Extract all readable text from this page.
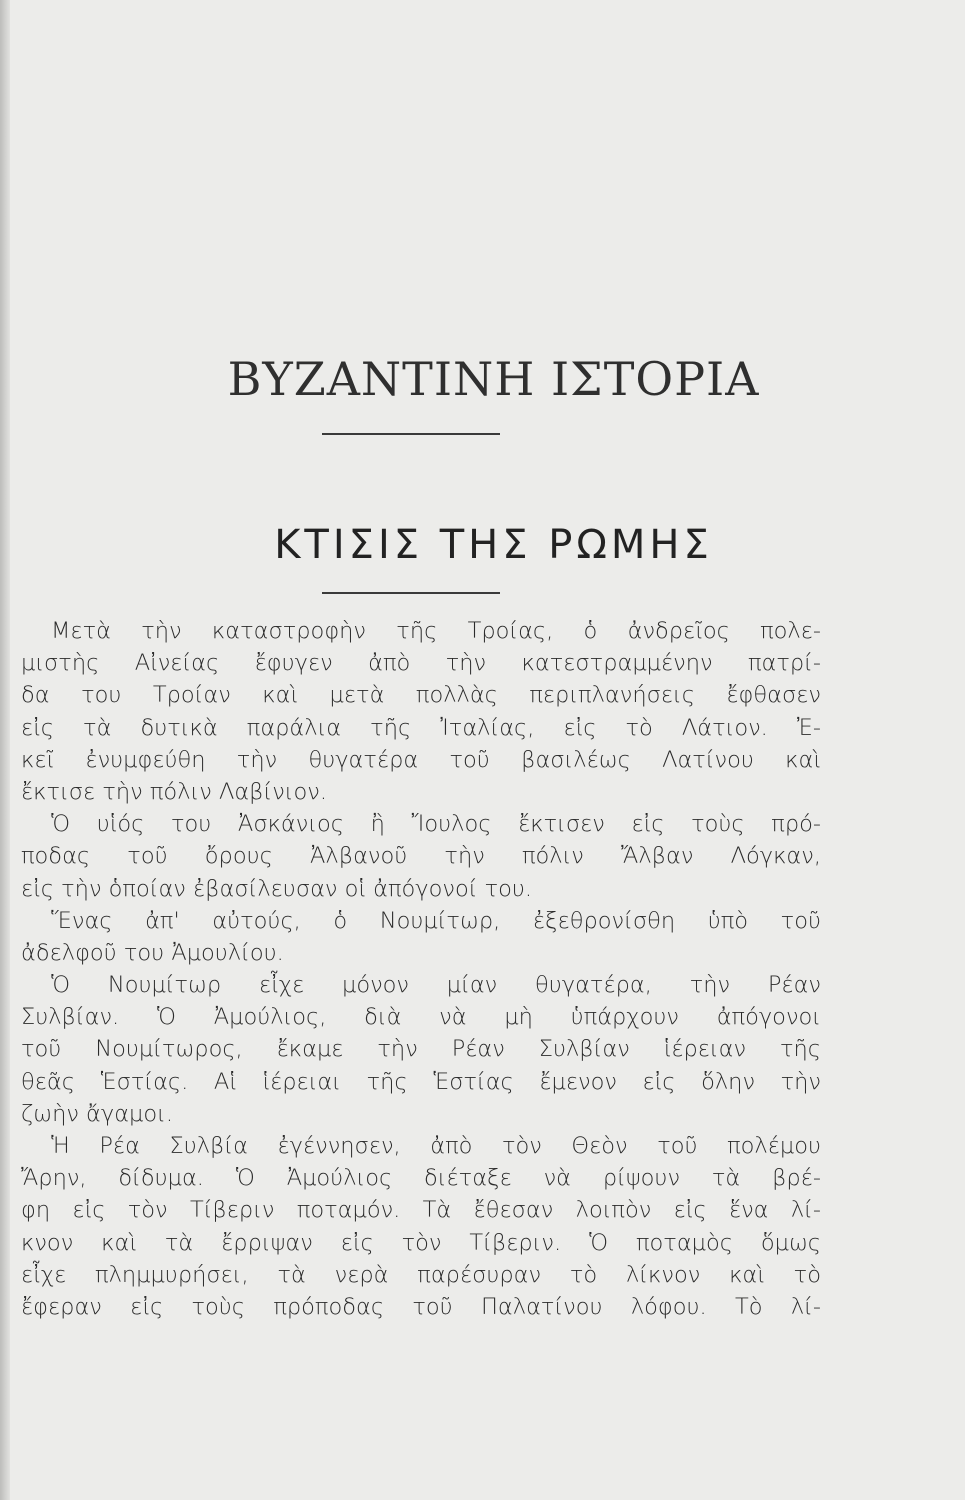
ΒΥΖΑΝΤΙΝΗ ΙΣΤΟΡΙΑ
ΚΤΙΣΙΣ ΤΗΣ ΡΩΜΗΣ
Μετὰ τὴν καταστροφὴν τῆς Τροίας, ὁ ἀνδρεῖος πολε-
μιστὴς Αἰνείας ἔφυγεν ἀπὸ τὴν κατεστραμμένην πατρί-
δα του Τροίαν καὶ μετὰ πολλὰς περιπλανήσεις ἔφθασεν
εἰς τὰ δυτικὰ παράλια τῆς Ἰταλίας, εἰς τὸ Λάτιον. Ἐ-
κεῖ ἐνυμφεύθη τὴν θυγατέρα τοῦ βασιλέως Λατίνου καὶ
ἔκτισε τὴν πόλιν Λαβίνιον.
Ὁ υἱός του Ἀσκάνιος ἢ Ἴουλος ἔκτισεν εἰς τοὺς πρό-
ποδας τοῦ ὄρους Ἀλβανοῦ τὴν πόλιν Ἄλβαν Λόγκαν,
εἰς τὴν ὁποίαν ἐβασίλευσαν οἱ ἀπόγονοί του.
Ἕνας ἀπ' αὐτούς, ὁ Νουμίτωρ, ἐξεθρονίσθη ὑπὸ τοῦ
ἀδελφοῦ του Ἀμουλίου.
Ὁ Νουμίτωρ εἶχε μόνον μίαν θυγατέρα, τὴν Ρέαν
Συλβίαν. Ὁ Ἀμούλιος, διὰ νὰ μὴ ὑπάρχουν ἀπόγονοι
τοῦ Νουμίτωρος, ἔκαμε τὴν Ρέαν Συλβίαν ἱέρειαν τῆς
θεᾶς Ἑστίας. Αἱ ἱέρειαι τῆς Ἑστίας ἔμενον εἰς ὅλην τὴν
ζωὴν ἄγαμοι.
Ἡ Ρέα Συλβία ἐγέννησεν, ἀπὸ τὸν Θεὸν τοῦ πολέμου
Ἄρην, δίδυμα. Ὁ Ἀμούλιος διέταξε νὰ ρίψουν τὰ βρέ-
φη εἰς τὸν Τίβεριν ποταμόν. Τὰ ἔθεσαν λοιπὸν εἰς ἕνα λί-
κνον καὶ τὰ ἔρριψαν εἰς τὸν Τίβεριν. Ὁ ποταμὸς ὅμως
εἶχε πλημμυρήσει, τὰ νερὰ παρέσυραν τὸ λίκνον καὶ τὸ
ἔφεραν εἰς τοὺς πρόποδας τοῦ Παλατίνου λόφου. Τὸ λί-
